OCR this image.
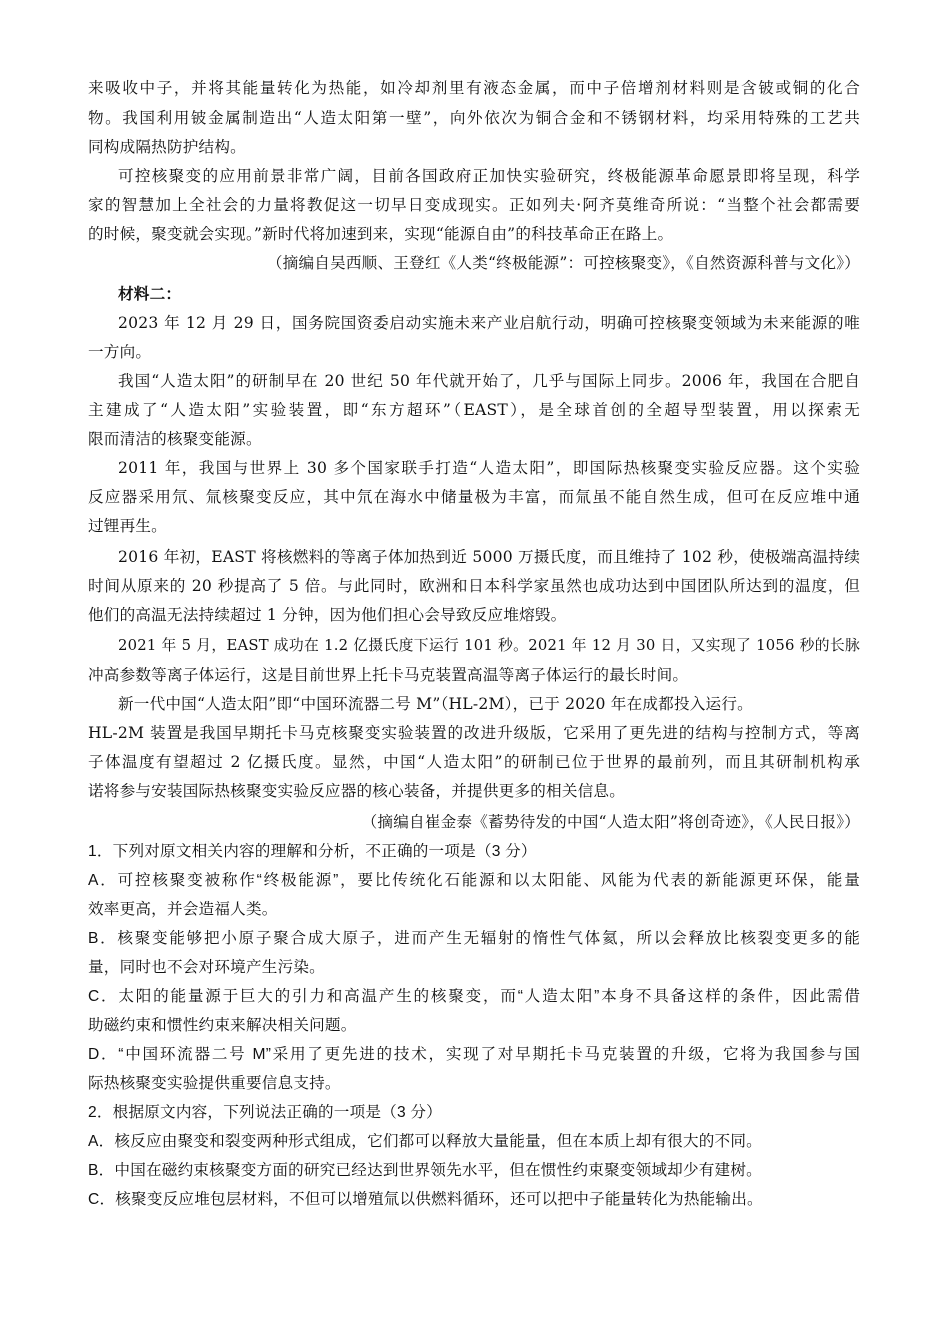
来吸收中子，并将其能量转化为热能，如冷却剂里有液态金属，而中子倍增剂材料则是含铍或铜的化合
物。我国利用铍金属制造出“人造太阳第一壁”，向外依次为铜合金和不锈钢材料，均采用特殊的工艺共
同构成隔热防护结构。
可控核聚变的应用前景非常广阔，目前各国政府正加快实验研究，终极能源革命愿景即将呈现，科学
家的智慧加上全社会的力量将教促这一切早日变成现实。正如列夫·阿齐莫维奇所说：“当整个社会都需要
的时候，聚变就会实现。”新时代将加速到来，实现“能源自由”的科技革命正在路上。
（摘编自吴西顺、王登红《人类“终极能源”：可控核聚变》，《自然资源科普与文化》）
材料二：
2023 年 12 月 29 日，国务院国资委启动实施未来产业启航行动，明确可控核聚变领域为未来能源的唯
一方向。
我国“人造太阳”的研制早在 20 世纪 50 年代就开始了，几乎与国际上同步。2006 年，我国在合肥自
主建成了“人造太阳”实验装置，即“东方超环”（EAST），是全球首创的全超导型装置，用以探索无
限而清洁的核聚变能源。
2011 年，我国与世界上 30 多个国家联手打造“人造太阳”，即国际热核聚变实验反应器。这个实验
反应器采用氘、氚核聚变反应，其中氘在海水中储量极为丰富，而氚虽不能自然生成，但可在反应堆中通
过锂再生。
2016 年初，EAST 将核燃料的等离子体加热到近 5000 万摄氏度，而且维持了 102 秒，使极端高温持续
时间从原来的 20 秒提高了 5 倍。与此同时，欧洲和日本科学家虽然也成功达到中国团队所达到的温度，但
他们的高温无法持续超过 1 分钟，因为他们担心会导致反应堆熔毁。
2021 年 5 月，EAST 成功在 1.2 亿摄氏度下运行 101 秒。2021 年 12 月 30 日，又实现了 1056 秒的长脉
冲高参数等离子体运行，这是目前世界上托卡马克装置高温等离子体运行的最长时间。
新一代中国“人造太阳”即“中国环流器二号 M”（HL-2M），已于 2020 年在成都投入运行。
HL-2M 装置是我国早期托卡马克核聚变实验装置的改进升级版，它采用了更先进的结构与控制方式，等离
子体温度有望超过 2 亿摄氏度。显然，中国“人造太阳”的研制已位于世界的最前列，而且其研制机构承
诺将参与安装国际热核聚变实验反应器的核心装备，并提供更多的相关信息。
（摘编自崔金泰《蓄势待发的中国“人造太阳”将创奇迹》，《人民日报》）
1．下列对原文相关内容的理解和分析，不正确的一项是（3 分）
A．可控核聚变被称作“终极能源”，要比传统化石能源和以太阳能、风能为代表的新能源更环保，能量
效率更高，并会造福人类。
B．核聚变能够把小原子聚合成大原子，进而产生无辐射的惰性气体氦，所以会释放比核裂变更多的能
量，同时也不会对环境产生污染。
C．太阳的能量源于巨大的引力和高温产生的核聚变，而“人造太阳”本身不具备这样的条件，因此需借
助磁约束和惯性约束来解决相关问题。
D．“中国环流器二号 M”采用了更先进的技术，实现了对早期托卡马克装置的升级，它将为我国参与国
际热核聚变实验提供重要信息支持。
2．根据原文内容，下列说法正确的一项是（3 分）
A．核反应由聚变和裂变两种形式组成，它们都可以释放大量能量，但在本质上却有很大的不同。
B．中国在磁约束核聚变方面的研究已经达到世界领先水平，但在惯性约束聚变领域却少有建树。
C．核聚变反应堆包层材料，不但可以增殖氚以供燃料循环，还可以把中子能量转化为热能输出。
